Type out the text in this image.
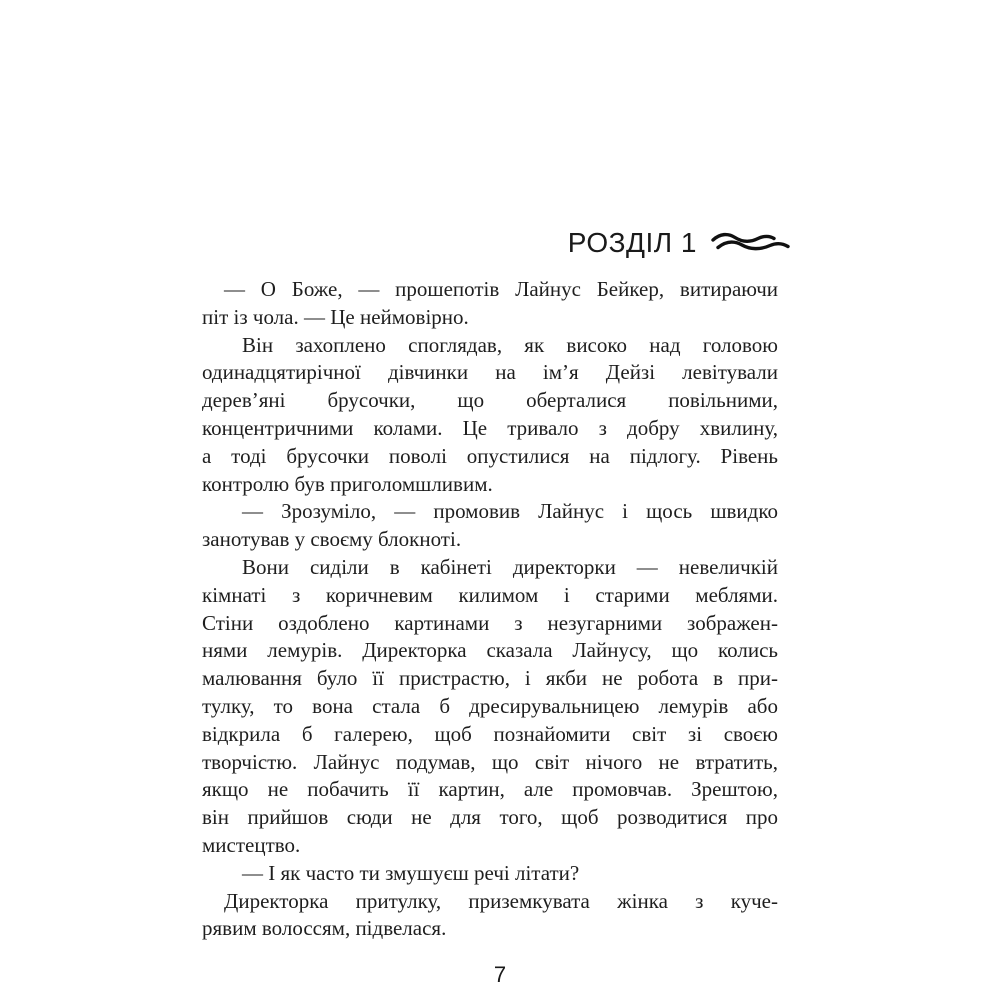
РОЗДІЛ 1

— О Боже, — прошепотів Лайнус Бейкер, витираючи
піт із чола. — Це неймовірно.

Він захоплено споглядав, як високо над головою
одинадцятирічної дівчинки на ім’я Дейзі левітували
дерев’яні брусочки, що оберталися повільними,
концентричними колами. Це тривало з добру хвилину,
а тоді брусочки поволі опустилися на підлогу. Рівень
контролю був приголомшливим.

— Зрозуміло, — промовив Лайнус і щось швидко
занотував у своєму блокноті.

Вони сиділи в кабінеті директорки — невеличкій
кімнаті з коричневим килимом і старими меблями.
Стіни оздоблено картинами з незугарними зображен-
нями лемурів. Директорка сказала Лайнусу, що колись
малювання було її пристрастю, і якби не робота в при-
тулку, то вона стала б дресирувальницею лемурів або
відкрила б галерею, щоб познайомити світ зі своєю
творчістю. Лайнус подумав, що світ нічого не втратить,
якщо не побачить її картин, але промовчав. Зрештою,
він прийшов сюди не для того, щоб розводитися про
мистецтво.

— І як часто ти змушуєш речі літати?

Директорка притулку, приземкувата жінка з куче-
рявим волоссям, підвелася.

7
